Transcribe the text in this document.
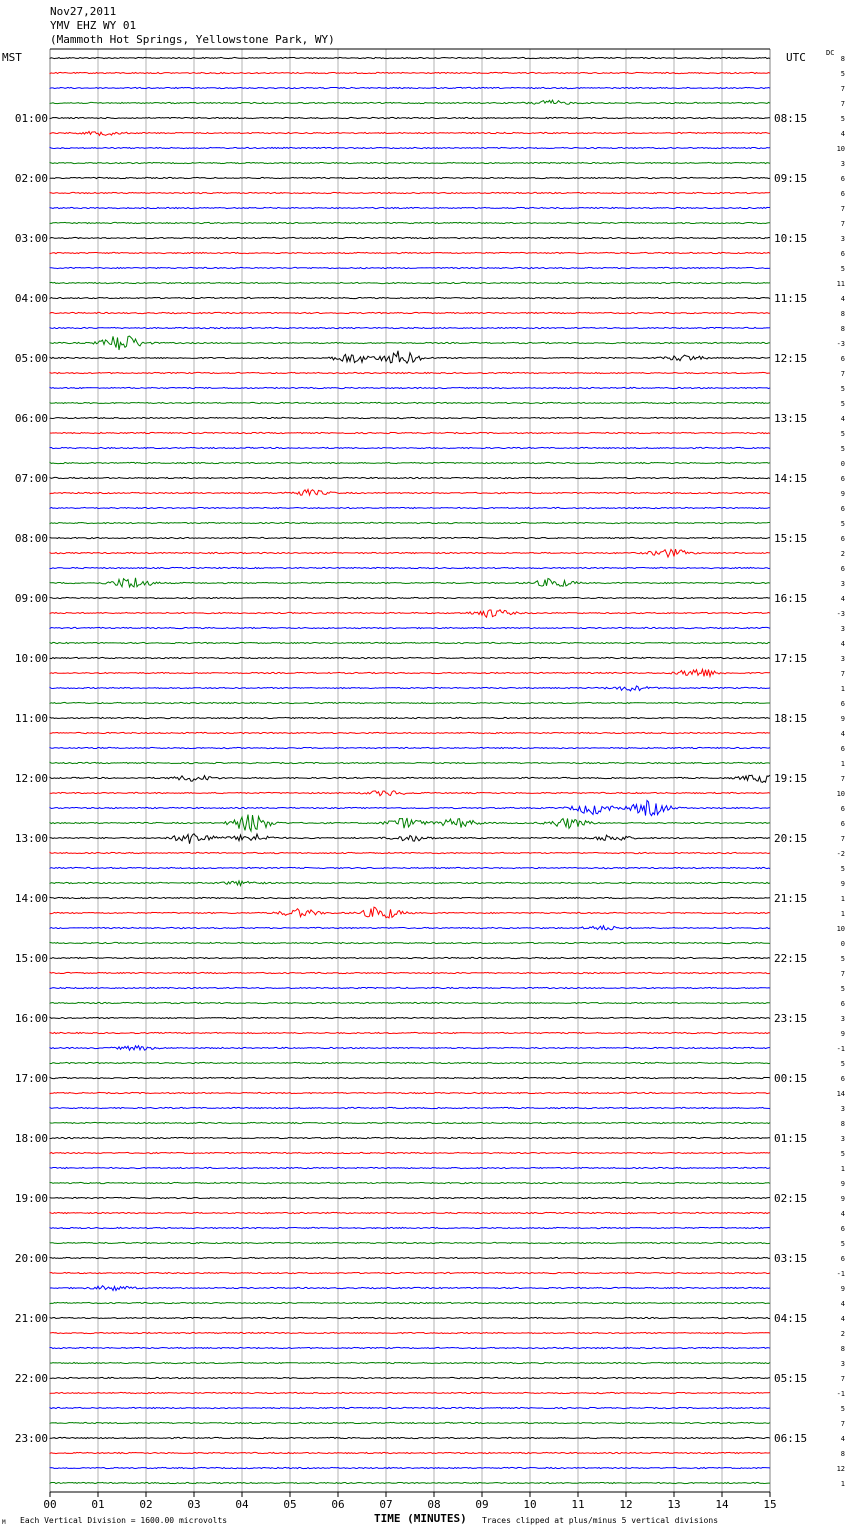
Nov27,2011
YMV EHZ WY 01
(Mammoth Hot Springs, Yellowstone Park, WY)
MST	UTC	DC
01:00
02:00
03:00
04:00
05:00
06:00
07:00
08:00
09:00
10:00
11:00
12:00
13:00
14:00
15:00
16:00
17:00
18:00
19:00
20:00
21:00
22:00
23:00
08:15
09:15
10:15
11:15
12:15
13:15
14:15
15:15
16:15
17:15
18:15
19:15
20:15
21:15
22:15
23:15
00:15
01:15
02:15
03:15
04:15
05:15
06:15
8
5
7
7
5
4
10
3
6
6
7
7
3
6
5
11
4
8
8
-3
6
7
5
5
4
5
5
0
6
9
6
5
6
2
6
3
4
-3
3
4
3
7
1
6
9
4
6
1
7
10
6
6
7
-2
5
9
1
1
10
0
5
7
5
6
3
9
-1
5
6
14
3
8
3
5
1
9
9
4
6
5
6
-1
9
4
4
2
8
3
7
-1
5
7
4
8
12
1
00	01	02	03	04	05	06	07	08	09	10	11	12	13	14	15
M Each Vertical Division = 1600.00 microvolts	TIME (MINUTES) Traces clipped at plus/minus 5 vertical divisions
